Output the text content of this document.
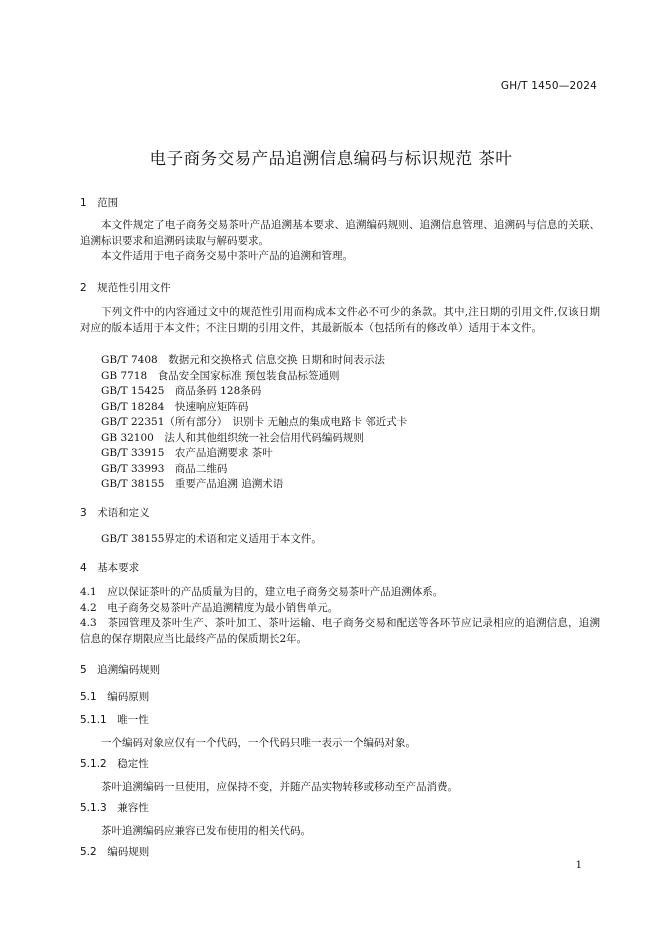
GH/T 1450—2024
电子商务交易产品追溯信息编码与标识规范 茶叶
1　范围
本文件规定了电子商务交易茶叶产品追溯基本要求、追溯编码规则、追溯信息管理、追溯码与信息的关联、追溯标识要求和追溯码读取与解码要求。
本文件适用于电子商务交易中茶叶产品的追溯和管理。
2　规范性引用文件
下列文件中的内容通过文中的规范性引用而构成本文件必不可少的条款。其中,注日期的引用文件,仅该日期对应的版本适用于本文件；不注日期的引用文件，其最新版本（包括所有的修改单）适用于本文件。
GB/T 7408　数据元和交换格式 信息交换 日期和时间表示法
GB 7718　食品安全国家标准 预包装食品标签通则
GB/T 15425　商品条码 128条码
GB/T 18284　快速响应矩阵码
GB/T 22351（所有部分）　识别卡 无触点的集成电路卡 邻近式卡
GB 32100　法人和其他组织统一社会信用代码编码规则
GB/T 33915　农产品追溯要求 茶叶
GB/T 33993　商品二维码
GB/T 38155　重要产品追溯 追溯术语
3　术语和定义
GB/T 38155界定的术语和定义适用于本文件。
4　基本要求
4.1　应以保证茶叶的产品质量为目的，建立电子商务交易茶叶产品追溯体系。
4.2　电子商务交易茶叶产品追溯精度为最小销售单元。
4.3　茶园管理及茶叶生产、茶叶加工、茶叶运输、电子商务交易和配送等各环节应记录相应的追溯信息，追溯信息的保存期限应当比最终产品的保质期长2年。
5　追溯编码规则
5.1　编码原则
5.1.1　唯一性
一个编码对象应仅有一个代码，一个代码只唯一表示一个编码对象。
5.1.2　稳定性
茶叶追溯编码一旦使用，应保持不变，并随产品实物转移或移动至产品消费。
5.1.3　兼容性
茶叶追溯编码应兼容已发布使用的相关代码。
5.2　编码规则
1
